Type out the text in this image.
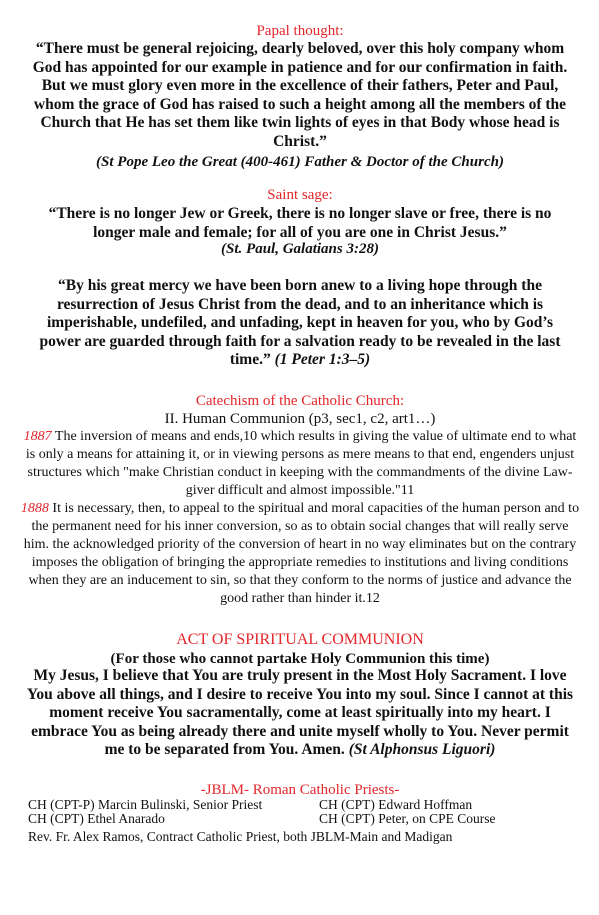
Papal thought:
“There must be general rejoicing, dearly beloved, over this holy company whom God has appointed for our example in patience and for our confirmation in faith. But we must glory even more in the excellence of their fathers, Peter and Paul, whom the grace of God has raised to such a height among all the members of the Church that He has set them like twin lights of eyes in that Body whose head is Christ.”
(St Pope Leo the Great (400-461) Father & Doctor of the Church)
Saint sage:
“There is no longer Jew or Greek, there is no longer slave or free, there is no longer male and female; for all of you are one in Christ Jesus.”
(St. Paul, Galatians 3:28)
“By his great mercy we have been born anew to a living hope through the resurrection of Jesus Christ from the dead, and to an inheritance which is imperishable, undefiled, and unfading, kept in heaven for you, who by God’s power are guarded through faith for a salvation ready to be revealed in the last time.” (1 Peter 1:3–5)
Catechism of the Catholic Church:
II. Human Communion (p3, sec1, c2, art1…)
1887 The inversion of means and ends,10 which results in giving the value of ultimate end to what is only a means for attaining it, or in viewing persons as mere means to that end, engenders unjust structures which "make Christian conduct in keeping with the commandments of the divine Law-giver difficult and almost impossible."11
1888 It is necessary, then, to appeal to the spiritual and moral capacities of the human person and to the permanent need for his inner conversion, so as to obtain social changes that will really serve him. the acknowledged priority of the conversion of heart in no way eliminates but on the contrary imposes the obligation of bringing the appropriate remedies to institutions and living conditions when they are an inducement to sin, so that they conform to the norms of justice and advance the good rather than hinder it.12
ACT OF SPIRITUAL COMMUNION
(For those who cannot partake Holy Communion this time)
My Jesus, I believe that You are truly present in the Most Holy Sacrament. I love You above all things, and I desire to receive You into my soul. Since I cannot at this moment receive You sacramentally, come at least spiritually into my heart. I embrace You as being already there and unite myself wholly to You. Never permit me to be separated from You. Amen. (St Alphonsus Liguori)
-JBLM- Roman Catholic Priests-
CH (CPT-P) Marcin Bulinski, Senior Priest	CH (CPT) Edward Hoffman
CH (CPT) Ethel Anarado	CH (CPT) Peter, on CPE Course
Rev. Fr. Alex Ramos, Contract Catholic Priest, both JBLM-Main and Madigan
